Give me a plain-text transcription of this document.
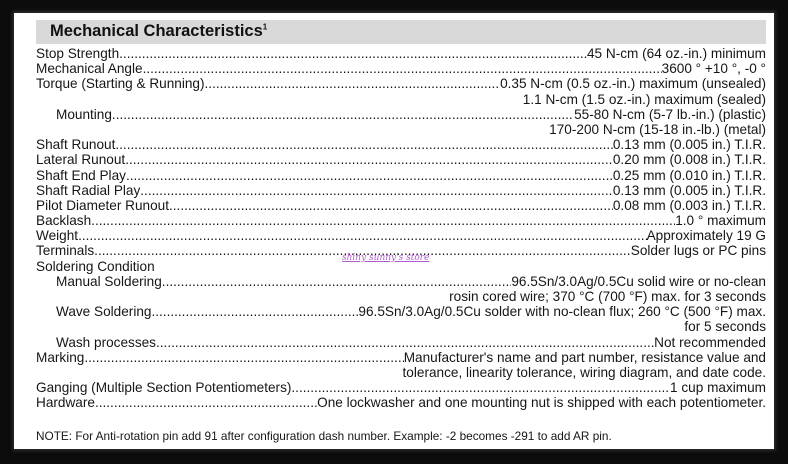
Mechanical Characteristics$^1$
Stop Strength .....	45 N-cm (64 oz.-in.) minimum
Mechanical Angle .....	3600 ° +10 °, -0 °
Torque (Starting & Running) .....	0.35 N-cm (0.5 oz.-in.) maximum (unsealed)
1.1 N-cm (1.5 oz.-in.) maximum (sealed)
Mounting .....	55-80 N-cm (5-7 lb.-in.) (plastic)
170-200 N-cm (15-18 in.-lb.) (metal)
Shaft Runout .....	0.13 mm (0.005 in.) T.I.R.
Lateral Runout .....	0.20 mm (0.008 in.) T.I.R.
Shaft End Play .....	0.25 mm (0.010 in.) T.I.R.
Shaft Radial Play .....	0.13 mm (0.005 in.) T.I.R.
Pilot Diameter Runout .....	0.08 mm (0.003 in.) T.I.R.
Backlash .....	1.0 ° maximum
Weight .....	Approximately 19 G
Terminals .....	Solder lugs or PC pins
Soldering Condition
Manual Soldering .....	96.5Sn/3.0Ag/0.5Cu solid wire or no-clean
rosin cored wire; 370 °C (700 °F) max. for 3 seconds
Wave Soldering .....	96.5Sn/3.0Ag/0.5Cu solder with no-clean flux; 260 °C (500 °F) max.
for 5 seconds
Wash processes .....	Not recommended
Marking .....	Manufacturer's name and part number, resistance value and
tolerance, linearity tolerance, wiring diagram, and date code.
Ganging (Multiple Section Potentiometers) .....	1 cup maximum
Hardware .....	One lockwasher and one mounting nut is shipped with each potentiometer.
shiny sunny's store
NOTE: For Anti-rotation pin add 91 after configuration dash number. Example: -2 becomes -291 to add AR pin.
